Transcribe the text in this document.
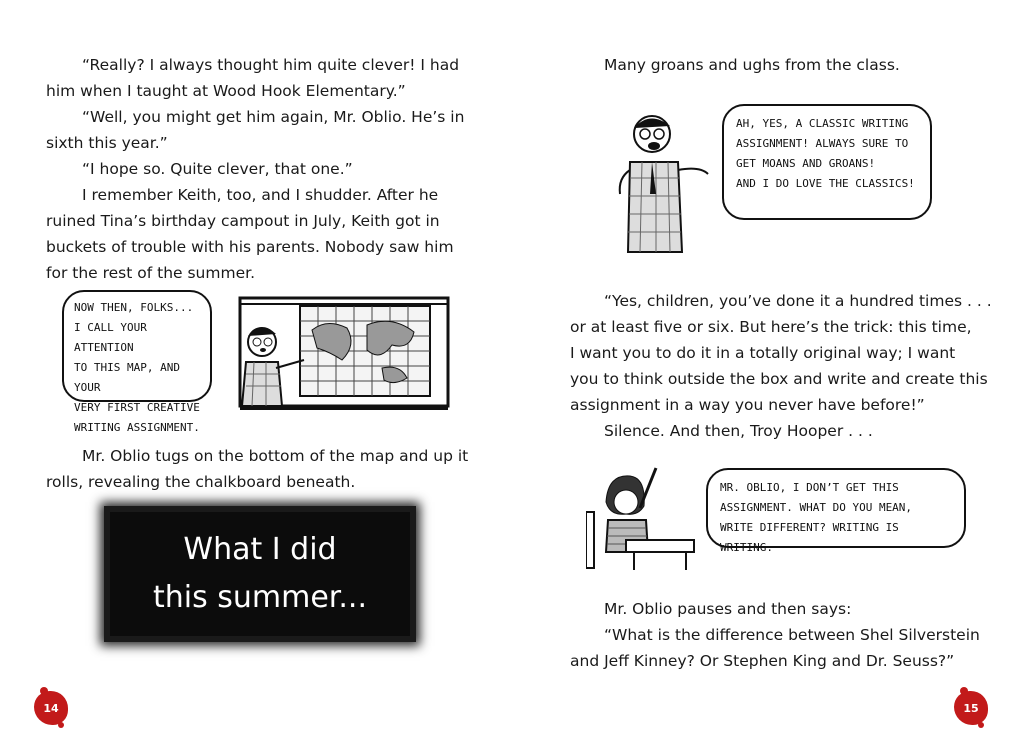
“Really? I always thought him quite clever! I had

him when I taught at Wood Hook Elementary.”

“Well, you might get him again, Mr. Oblio. He’s in

sixth this year.”

“I hope so. Quite clever, that one.”

I remember Keith, too, and I shudder. After he

ruined Tina’s birthday campout in July, Keith got in

buckets of trouble with his parents. Nobody saw him

for the rest of the summer.

NOW THEN, FOLKS...
I CALL YOUR ATTENTION
TO THIS MAP, AND YOUR
VERY FIRST CREATIVE
WRITING ASSIGNMENT.

Mr. Oblio tugs on the bottom of the map and up it

rolls, revealing the chalkboard beneath.

What I did
this summer...
14

Many groans and ughs from the class.

AH, YES, A CLASSIC WRITING
ASSIGNMENT! ALWAYS SURE TO
GET MOANS AND GROANS!
AND I DO LOVE THE CLASSICS!

“Yes, children, you’ve done it a hundred times . . .

or at least five or six. But here’s the trick: this time,

I want you to do it in a totally original way; I want

you to think outside the box and write and create this

assignment in a way you never have before!”

Silence. And then, Troy Hooper . . .

MR. OBLIO, I DON’T GET THIS
ASSIGNMENT. WHAT DO YOU MEAN,
WRITE DIFFERENT? WRITING IS WRITING.

Mr. Oblio pauses and then says:

“What is the difference between Shel Silverstein

and Jeff Kinney? Or Stephen King and Dr. Seuss?”

15
